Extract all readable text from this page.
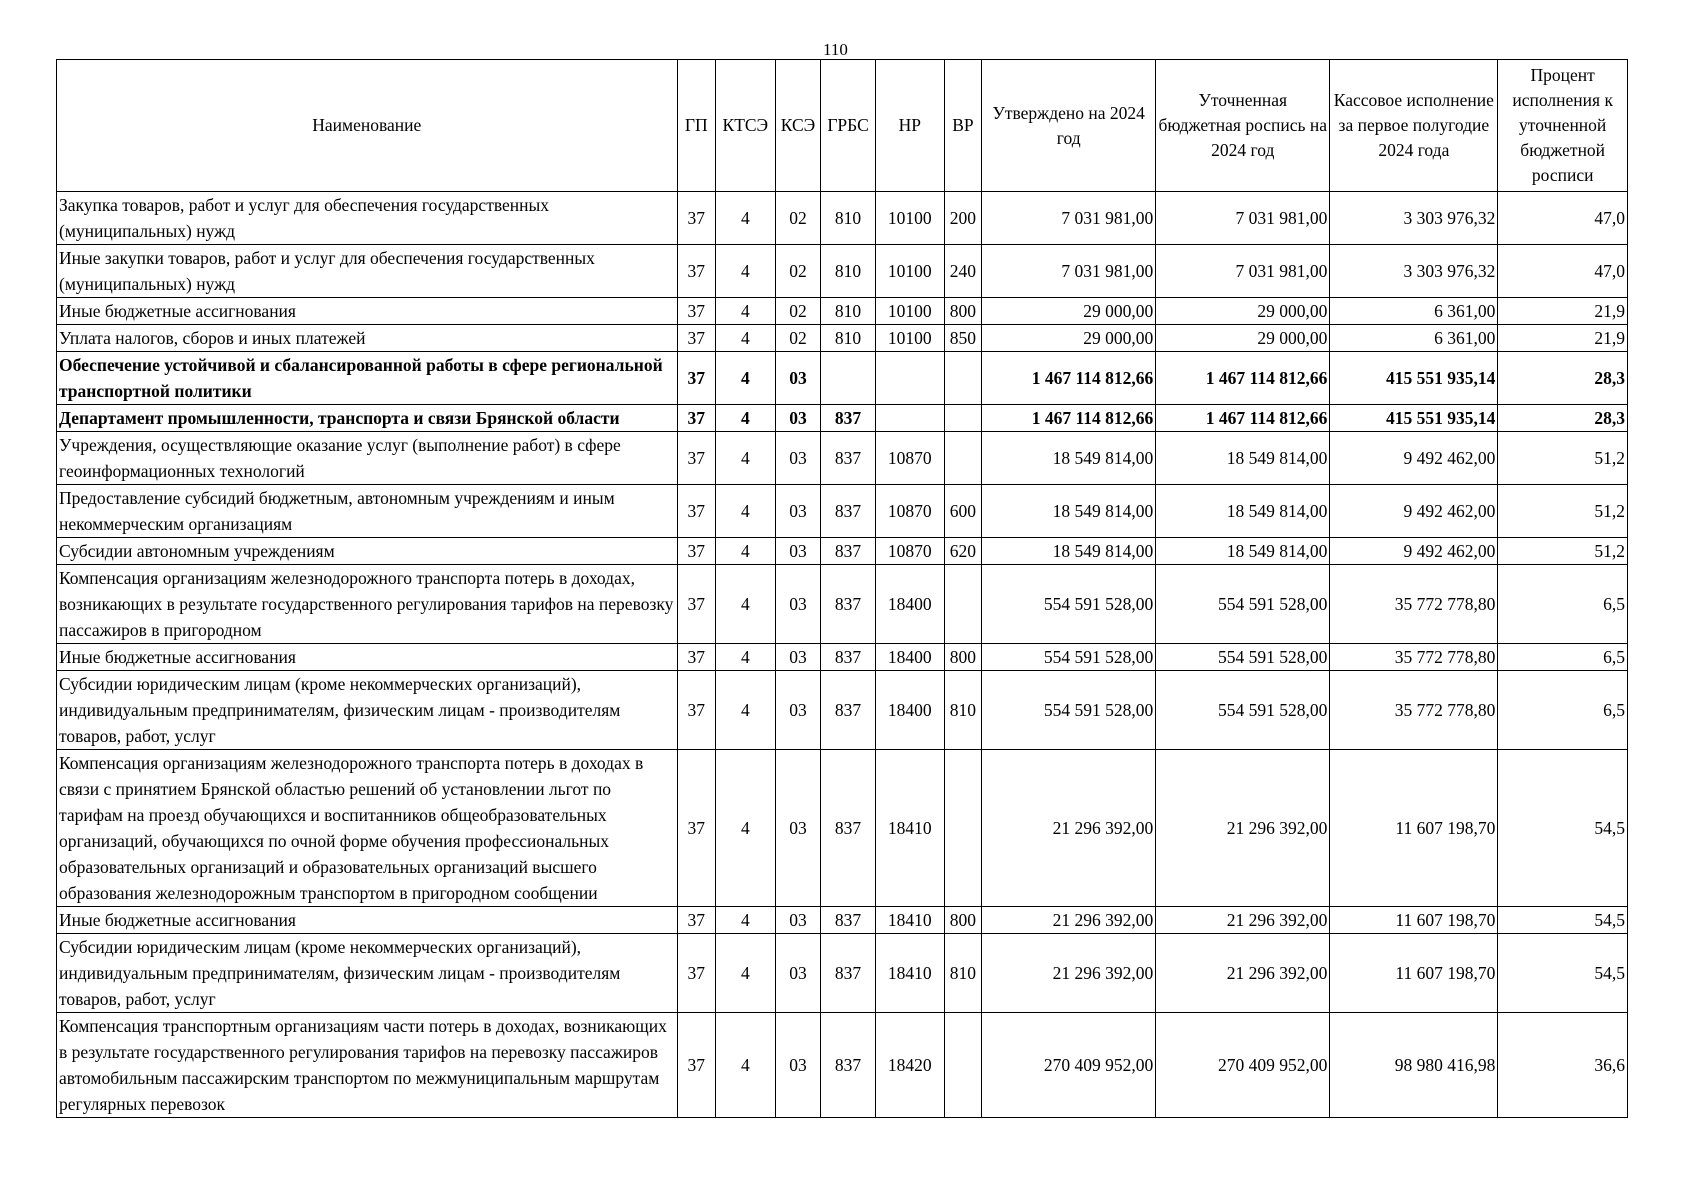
110
Наименование	ГП	КТСЭ	КСЭ	ГРБС	НР	ВР	Утверждено на 2024 год	Уточненная бюджетная роспись на 2024 год	Кассовое исполнение за первое полугодие 2024 года	Процент исполнения к уточненной бюджетной росписи
Закупка товаров, работ и услуг для обеспечения государственных (муниципальных) нужд	37	4	02	810	10100	200	7 031 981,00	7 031 981,00	3 303 976,32	47,0
Иные закупки товаров, работ и услуг для обеспечения государственных (муниципальных) нужд	37	4	02	810	10100	240	7 031 981,00	7 031 981,00	3 303 976,32	47,0
Иные бюджетные ассигнования	37	4	02	810	10100	800	29 000,00	29 000,00	6 361,00	21,9
Уплата налогов, сборов и иных платежей	37	4	02	810	10100	850	29 000,00	29 000,00	6 361,00	21,9
Обеспечение устойчивой и сбалансированной работы в сфере региональной транспортной политики	37	4	03				1 467 114 812,66	1 467 114 812,66	415 551 935,14	28,3
Департамент промышленности, транспорта и связи Брянской области	37	4	03	837			1 467 114 812,66	1 467 114 812,66	415 551 935,14	28,3
Учреждения, осуществляющие оказание услуг (выполнение работ) в сфере геоинформационных технологий	37	4	03	837	10870		18 549 814,00	18 549 814,00	9 492 462,00	51,2
Предоставление субсидий бюджетным, автономным учреждениям и иным некоммерческим организациям	37	4	03	837	10870	600	18 549 814,00	18 549 814,00	9 492 462,00	51,2
Субсидии автономным учреждениям	37	4	03	837	10870	620	18 549 814,00	18 549 814,00	9 492 462,00	51,2
Компенсация организациям железнодорожного транспорта потерь в доходах, возникающих в результате государственного регулирования тарифов на перевозку пассажиров в пригородном	37	4	03	837	18400		554 591 528,00	554 591 528,00	35 772 778,80	6,5
Иные бюджетные ассигнования	37	4	03	837	18400	800	554 591 528,00	554 591 528,00	35 772 778,80	6,5
Субсидии юридическим лицам (кроме некоммерческих организаций), индивидуальным предпринимателям, физическим лицам - производителям товаров, работ, услуг	37	4	03	837	18400	810	554 591 528,00	554 591 528,00	35 772 778,80	6,5
Компенсация организациям железнодорожного транспорта потерь в доходах в связи с принятием Брянской областью решений об установлении льгот по тарифам на проезд обучающихся и воспитанников общеобразовательных организаций, обучающихся по очной форме обучения профессиональных образовательных организаций и образовательных организаций высшего образования железнодорожным транспортом в пригородном сообщении	37	4	03	837	18410		21 296 392,00	21 296 392,00	11 607 198,70	54,5
Иные бюджетные ассигнования	37	4	03	837	18410	800	21 296 392,00	21 296 392,00	11 607 198,70	54,5
Субсидии юридическим лицам (кроме некоммерческих организаций), индивидуальным предпринимателям, физическим лицам - производителям товаров, работ, услуг	37	4	03	837	18410	810	21 296 392,00	21 296 392,00	11 607 198,70	54,5
Компенсация транспортным организациям части потерь в доходах, возникающих в результате государственного регулирования тарифов на перевозку пассажиров автомобильным пассажирским транспортом по межмуниципальным маршрутам регулярных перевозок	37	4	03	837	18420		270 409 952,00	270 409 952,00	98 980 416,98	36,6
